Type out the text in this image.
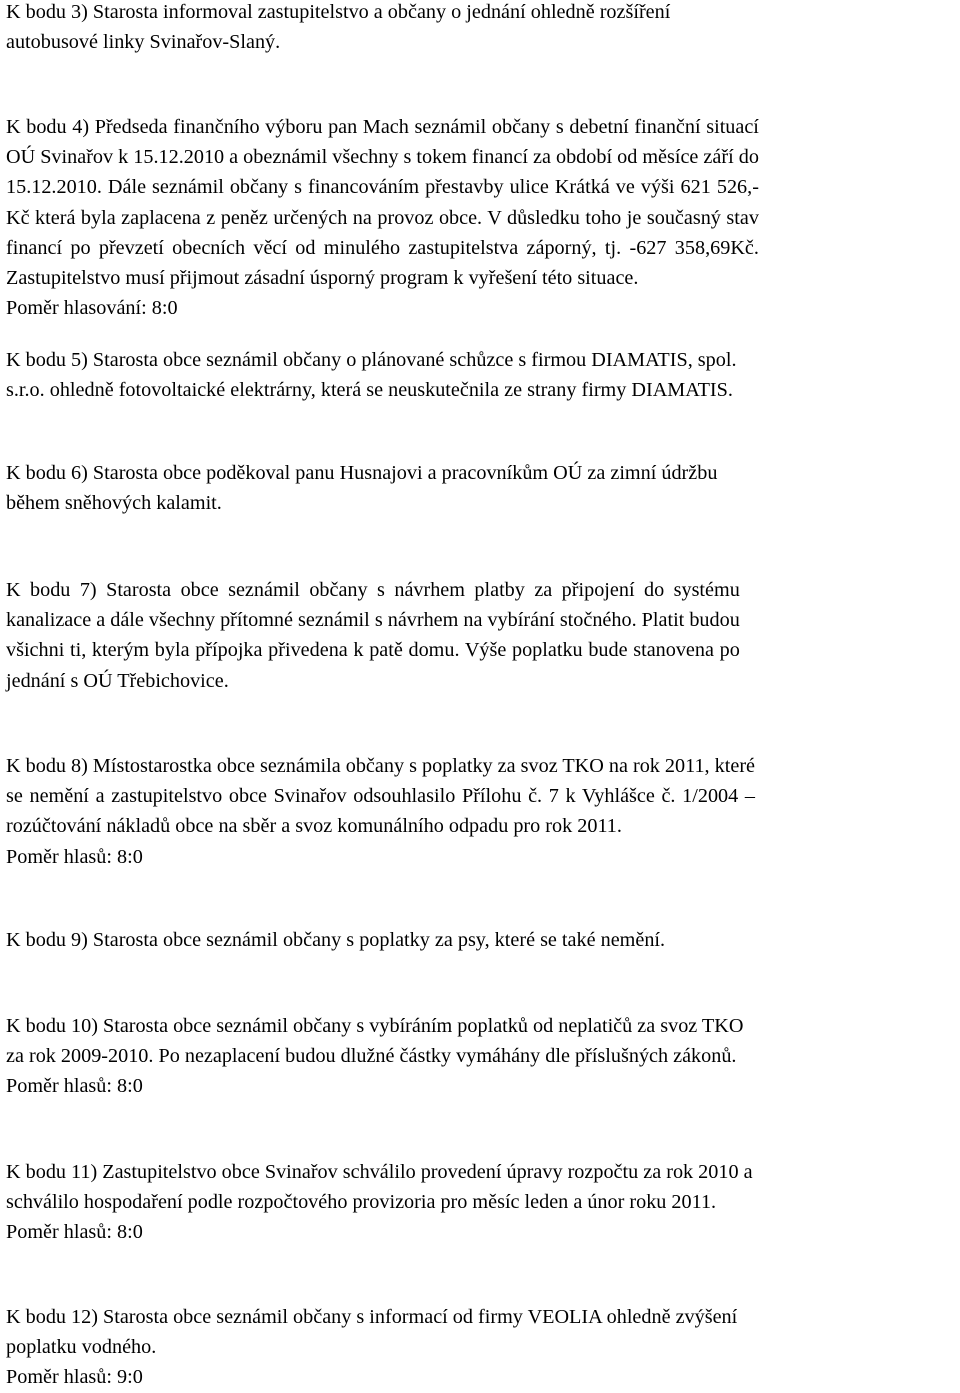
K bodu 3) Starosta informoval zastupitelstvo a občany o jednání ohledně rozšíření
autobusové linky Svinařov-Slaný.
K bodu 4) Předseda finančního výboru pan Mach seznámil občany s debetní finanční situací
OÚ Svinařov k 15.12.2010 a obeznámil všechny s tokem financí za období od měsíce září do
15.12.2010. Dále seznámil občany s financováním přestavby ulice Krátká ve výši 621 526,-
Kč která byla zaplacena z peněz určených na provoz obce. V důsledku toho je současný stav
financí po převzetí obecních věcí od minulého zastupitelstva záporný, tj. -627 358,69Kč.
Zastupitelstvo musí přijmout zásadní úsporný program k vyřešení této situace.
Poměr hlasování: 8:0
K bodu 5) Starosta obce seznámil občany o plánované schůzce s firmou DIAMATIS, spol.
s.r.o. ohledně fotovoltaické elektrárny, která se neuskutečnila ze strany firmy DIAMATIS.
K bodu 6) Starosta obce poděkoval panu Husnajovi a pracovníkům OÚ za zimní údržbu
během sněhových kalamit.
K bodu 7) Starosta obce seznámil občany s návrhem platby za připojení do systému
kanalizace a dále všechny přítomné seznámil s návrhem na vybírání stočného. Platit budou
všichni ti, kterým byla přípojka přivedena k patě domu. Výše poplatku bude stanovena po
jednání s OÚ Třebichovice.
K bodu 8) Místostarostka obce seznámila občany s poplatky za svoz TKO na rok 2011, které
se nemění a zastupitelstvo obce Svinařov odsouhlasilo Přílohu č. 7 k Vyhlášce č. 1/2004 –
rozúčtování nákladů obce na sběr a svoz komunálního odpadu pro rok 2011.
Poměr hlasů: 8:0
K bodu 9) Starosta obce seznámil občany s poplatky za psy, které se také nemění.
K bodu 10) Starosta obce seznámil občany s vybíráním poplatků od neplatičů za svoz TKO
za rok 2009-2010. Po nezaplacení budou dlužné částky vymáhány dle příslušných zákonů.
Poměr hlasů: 8:0
K bodu 11) Zastupitelstvo obce Svinařov schválilo provedení úpravy rozpočtu za rok 2010 a
schválilo hospodaření podle rozpočtového provizoria pro měsíc leden a únor roku 2011.
Poměr hlasů: 8:0
K bodu 12) Starosta obce seznámil občany s informací od firmy VEOLIA ohledně zvýšení
poplatku vodného.
Poměr hlasů: 9:0
